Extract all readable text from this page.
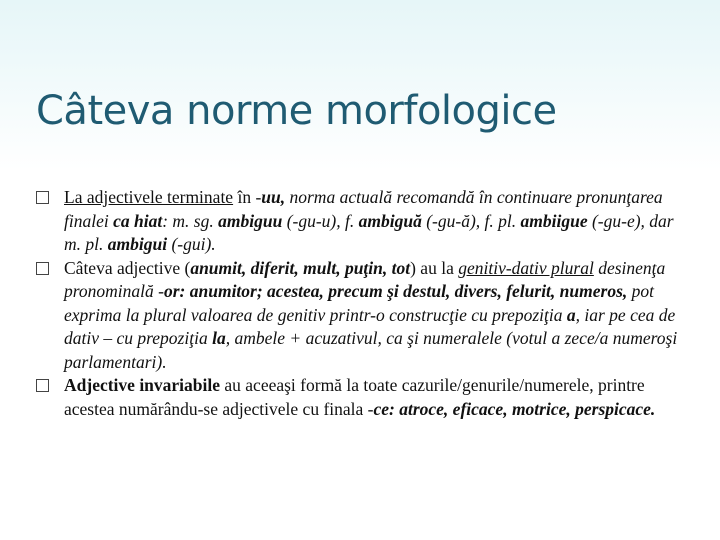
Câteva norme morfologice

La adjectivele terminate în -uu, norma actuală recomandă în continuare pronunţarea finalei ca hiat: m. sg. ambiguu (-gu-u), f. ambiguă (-gu-ă), f. pl. ambiigue (-gu-e), dar m. pl. ambigui (-gui).

Câteva adjective (anumit, diferit, mult, puţin, tot) au la genitiv-dativ plural desinenţa pronominală -or: anumitor; acestea, precum şi destul, divers, felurit, numeros, pot exprima la plural valoarea de genitiv printr-o construcţie cu prepoziţia a, iar pe cea de dativ – cu prepoziţia la, ambele + acuzativul, ca şi numeralele (votul a zece/a numeroşi parlamentari).

Adjective invariabile au aceeaşi formă la toate cazurile/genurile/numerele, printre acestea numărându-se adjectivele cu finala -ce: atroce, eficace, motrice, perspicace.
